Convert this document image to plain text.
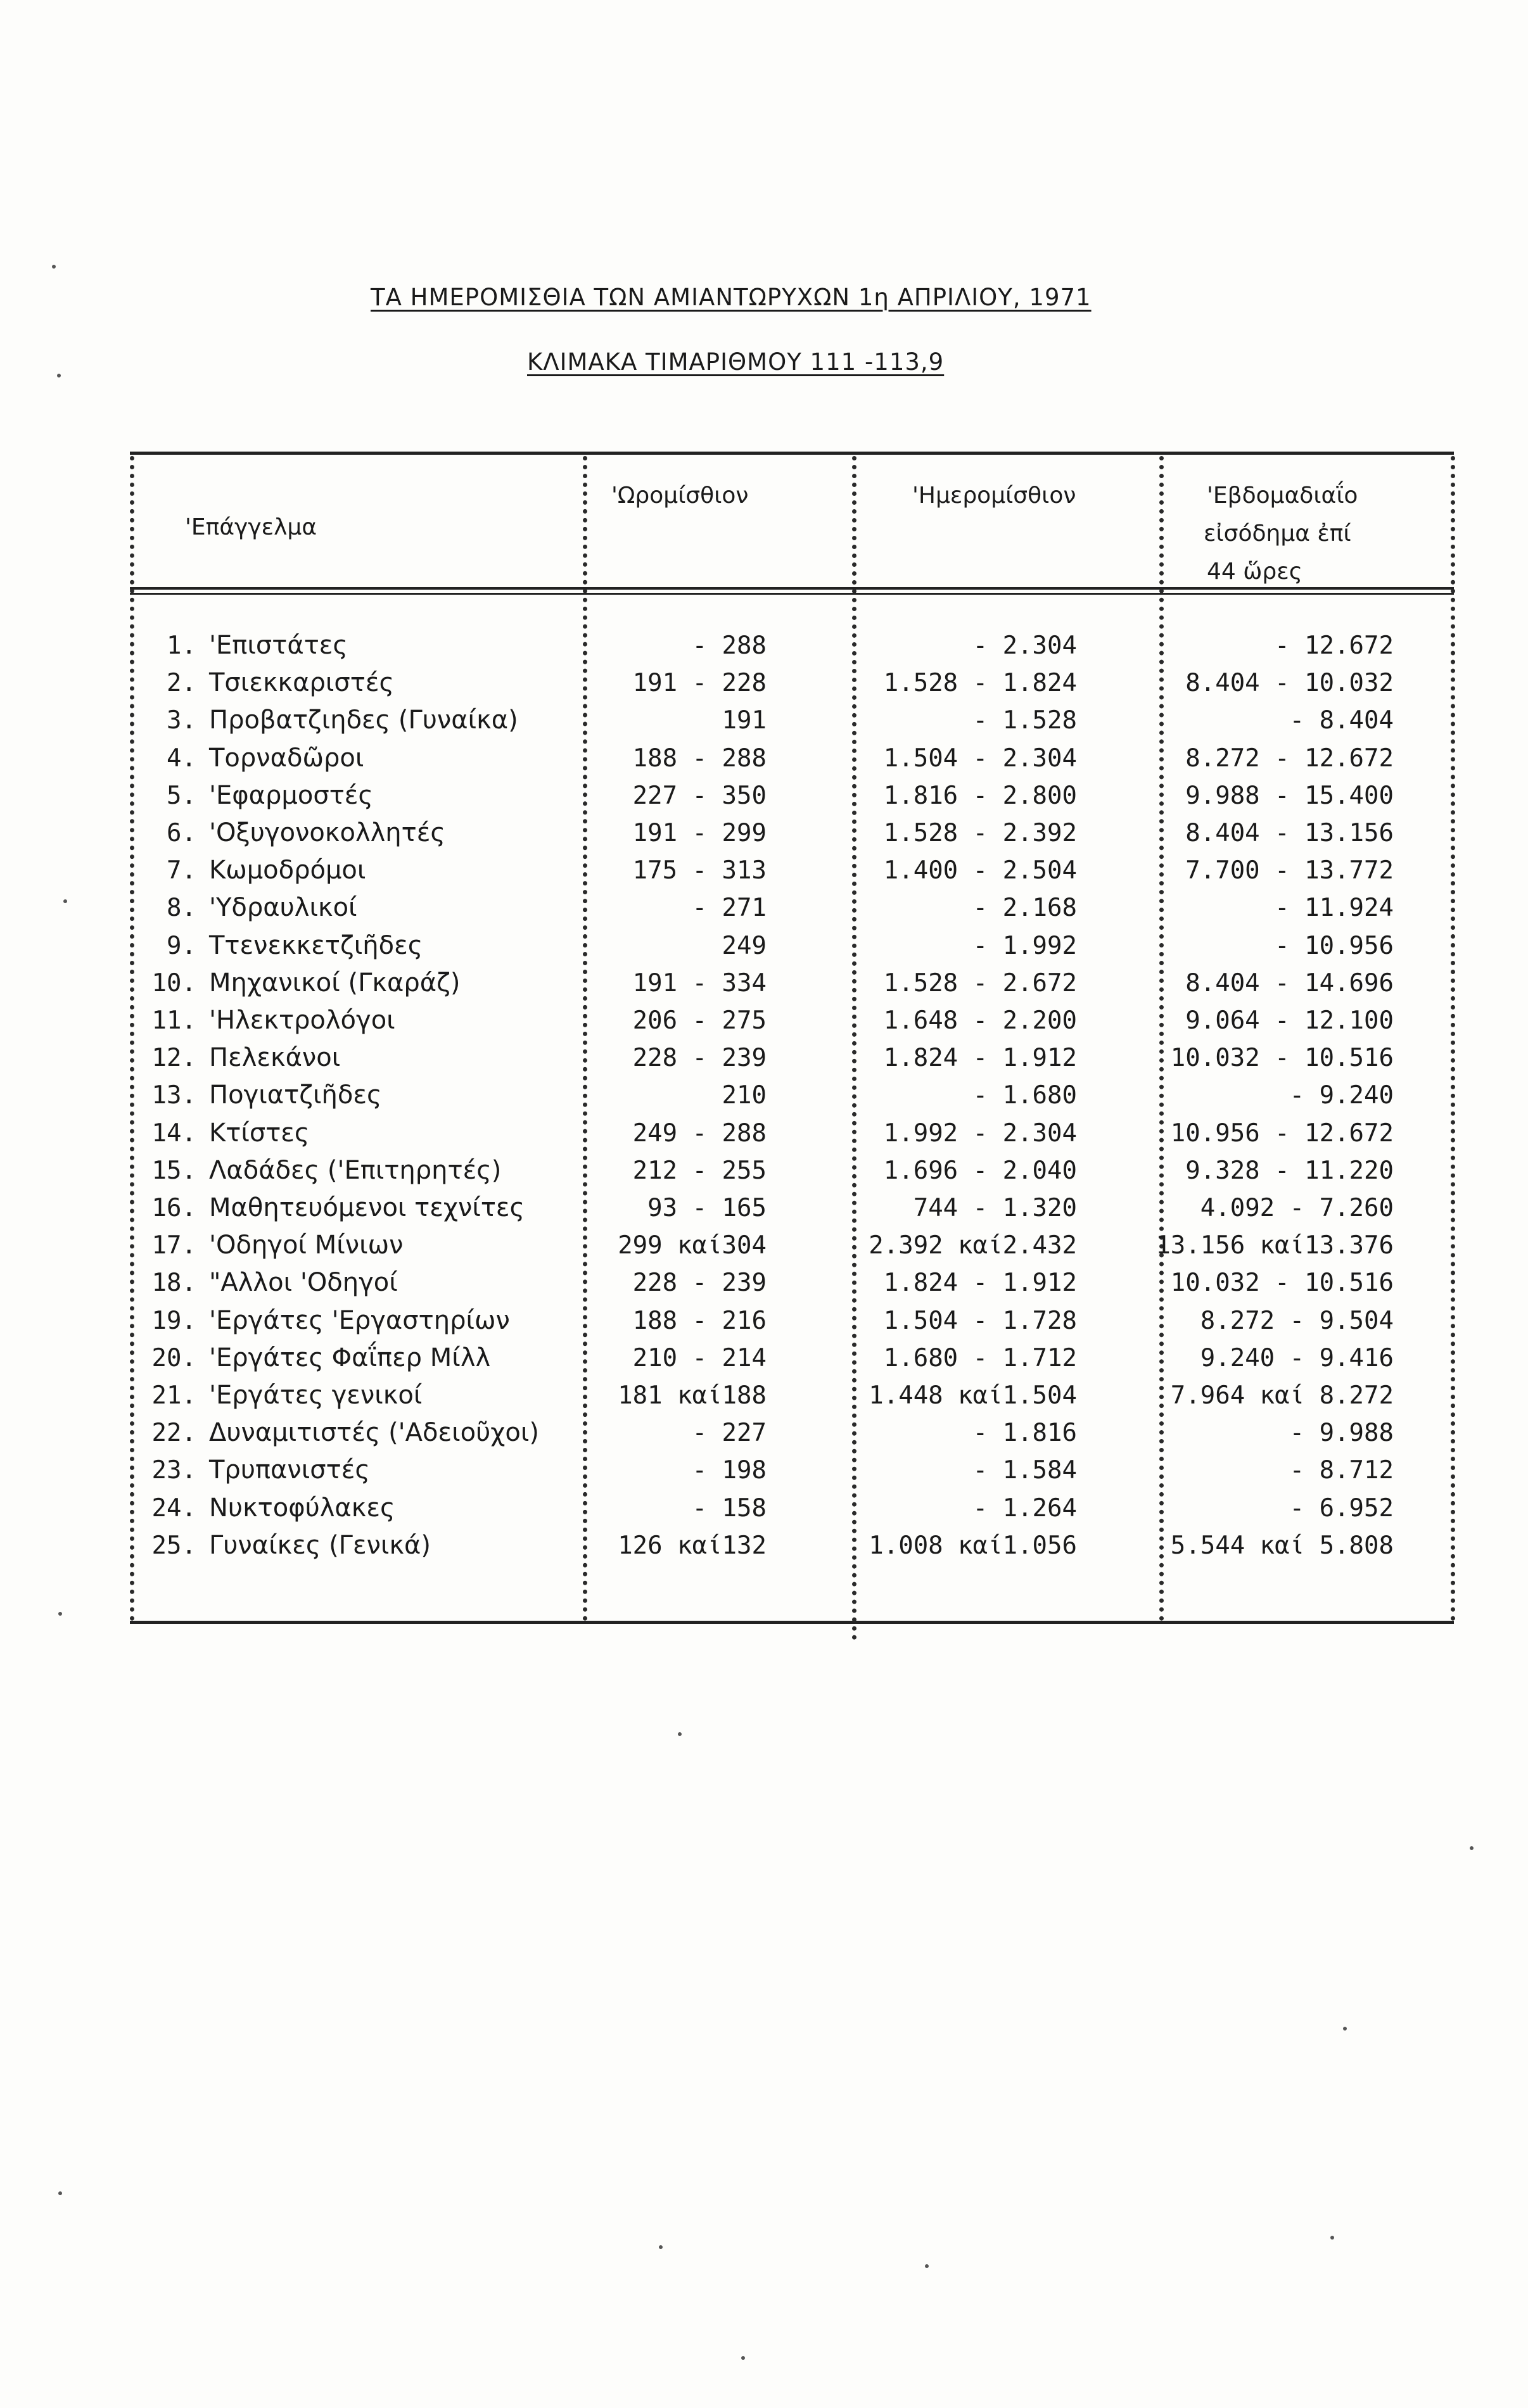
ΤΑ ΗΜΕΡΟΜΙΣΘΙΑ ΤΩΝ ΑΜΙΑΝΤΩΡΥΧΩΝ 1η ΑΠΡΙΛΙΟΥ, 1971
ΚΛΙΜΑΚΑ ΤΙΜΑΡΙΘΜΟΥ 111 -113,9
'Επάγγελμα
'Ωρομίσθιον	'Ημερομίσθιον	'Εβδομαδιαΐο
εἰσόδημα ἐπί
44 ὥρες
1. 'Επιστάτες	- 288	- 2.304	- 12.672
2. Τσιεκκαριστές	191 - 228	1.528 - 1.824	8.404 - 10.032
3. Προβατζιηδες (Γυναίκα)	191	- 1.528	- 8.404
4. Τορναδῶροι	188 - 288	1.504 - 2.304	8.272 - 12.672
5. 'Εφαρμοστές	227 - 350	1.816 - 2.800	9.988 - 15.400
6. 'Οξυγονοκολλητές	191 - 299	1.528 - 2.392	8.404 - 13.156
7. Κωμοδρόμοι	175 - 313	1.400 - 2.504	7.700 - 13.772
8. 'Υδραυλικοί	- 271	- 2.168	- 11.924
9. Ττενεκκετζιῆδες	249	- 1.992	- 10.956
10. Μηχανικοί (Γκαράζ)	191 - 334	1.528 - 2.672	8.404 - 14.696
11. 'Ηλεκτρολόγοι	206 - 275	1.648 - 2.200	9.064 - 12.100
12. Πελεκάνοι	228 - 239	1.824 - 1.912	10.032 - 10.516
13. Πογιατζιῆδες	210	- 1.680	- 9.240
14. Κτίστες	249 - 288	1.992 - 2.304	10.956 - 12.672
15. Λαδάδες ('Επιτηρητές)	212 - 255	1.696 - 2.040	9.328 - 11.220
16. Μαθητευόμενοι τεχνίτες	93 - 165	744 - 1.320	4.092 - 7.260
17. 'Οδηγοί Μίνιων	299 καί304	2.392 καί2.432	13.156 καί13.376
18. "Αλλοι 'Οδηγοί	228 - 239	1.824 - 1.912	10.032 - 10.516
19. 'Εργάτες 'Εργαστηρίων	188 - 216	1.504 - 1.728	8.272 - 9.504
20. 'Εργάτες Φαΐπερ Μίλλ	210 - 214	1.680 - 1.712	9.240 - 9.416
21. 'Εργάτες γενικοί	181 καί188	1.448 καί1.504	7.964 καί 8.272
22. Δυναμιτιστές ('Αδειοῦχοι)	- 227	- 1.816	- 9.988
23. Τρυπανιστές	- 198	- 1.584	- 8.712
24. Νυκτοφύλακες	- 158	- 1.264	- 6.952
25. Γυναίκες (Γενικά)	126 καί132	1.008 καί1.056	5.544 καί 5.808
